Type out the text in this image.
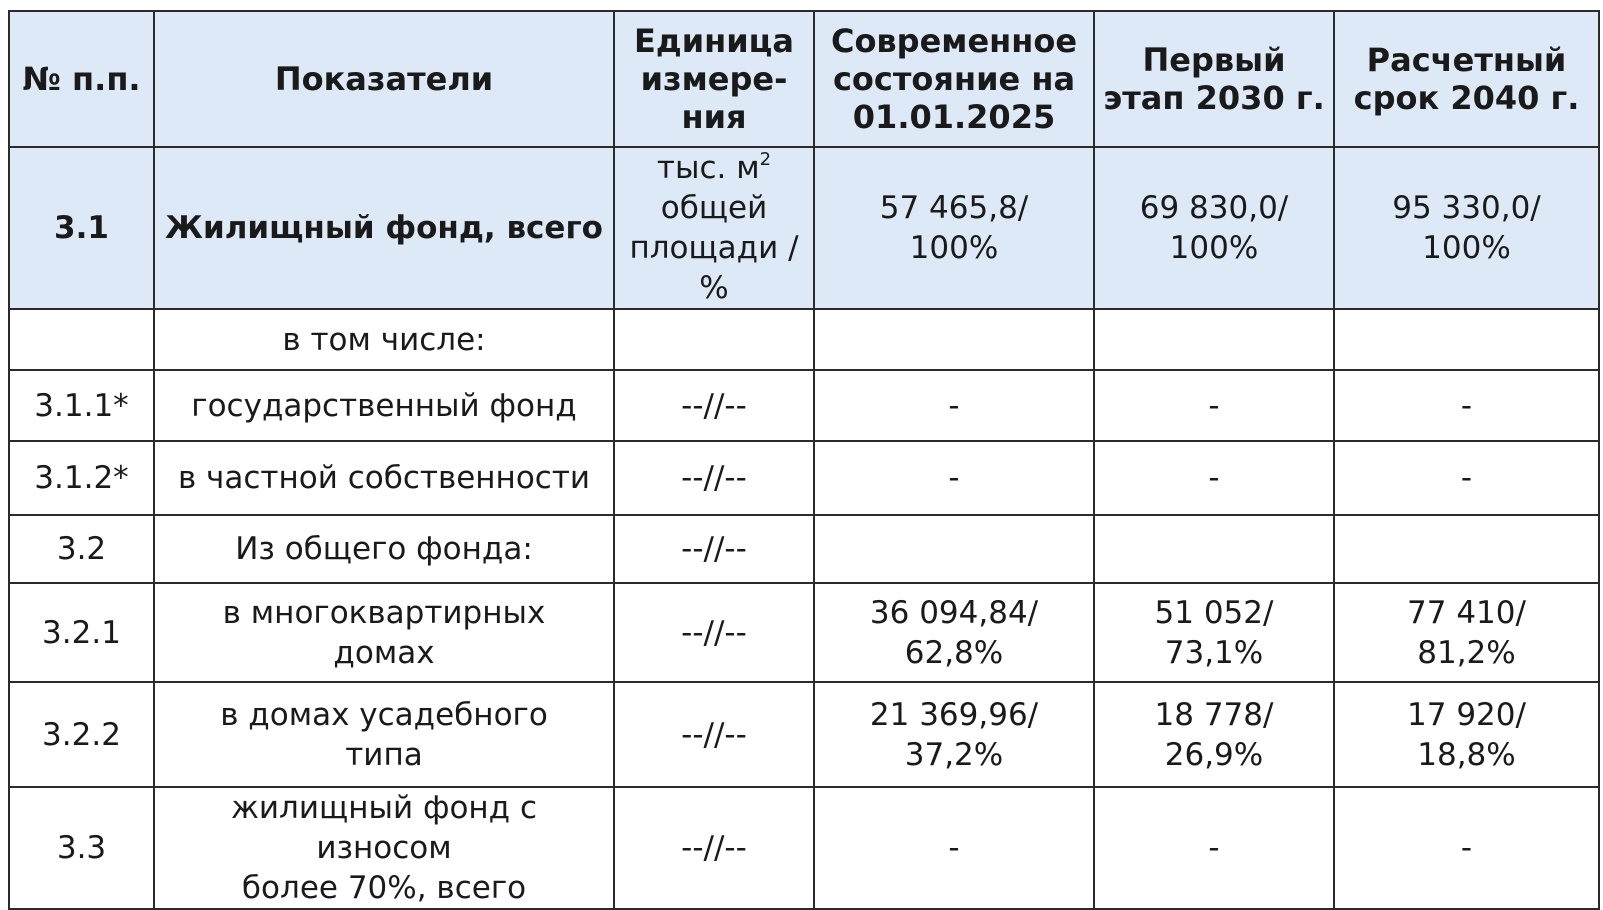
№ п.п.	Показатели	Единица
измере-
ния	Современное
состояние на
01.01.2025	Первый
этап 2030 г.	Расчетный
срок 2040 г.

3.1	Жилищный фонд, всего	тыс. $м^2$
общей
площади / %	57 465,8/
100%	69 830,0/
100%	95 330,0/
100%

	в том числе:				
3.1.1*	государственный фонд	--//--	-	-	-
3.1.2*	в частной собственности	--//--	-	-	-
3.2	Из общего фонда:	--//--			
3.2.1	в многоквартирных
домах	--//--	36 094,84/
62,8%	51 052/
73,1%	77 410/
81,2%

3.2.2	в домах усадебного
типа	--//--	21 369,96/
37,2%	18 778/
26,9%	17 920/
18,8%

3.3	жилищный фонд с износом
более 70%, всего	--//--	-	-	-
